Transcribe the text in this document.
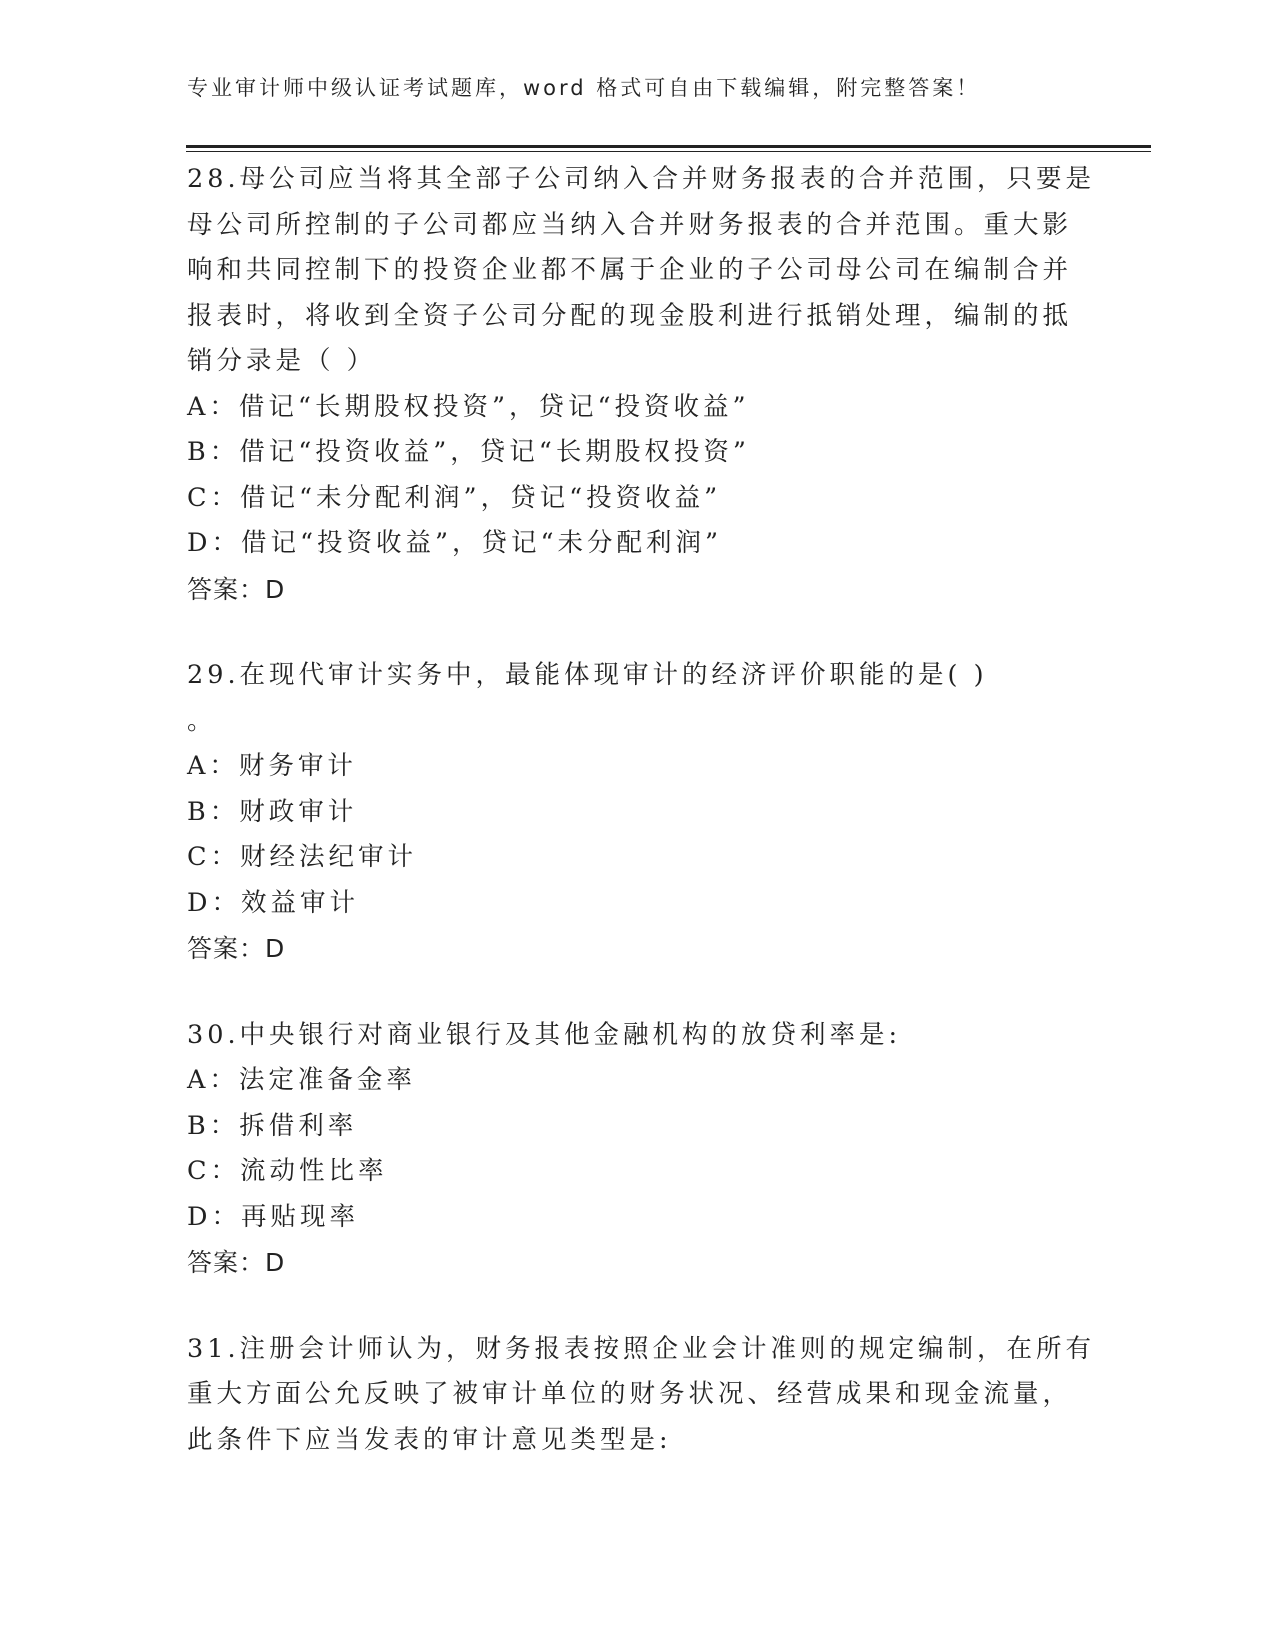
专业审计师中级认证考试题库，word 格式可自由下载编辑，附完整答案！
28.母公司应当将其全部子公司纳入合并财务报表的合并范围，只要是
母公司所控制的子公司都应当纳入合并财务报表的合并范围。重大影
响和共同控制下的投资企业都不属于企业的子公司母公司在编制合并
报表时，将收到全资子公司分配的现金股利进行抵销处理，编制的抵
销分录是（ ）
A：借记“长期股权投资”，贷记“投资收益”
B：借记“投资收益”，贷记“长期股权投资”
C：借记“未分配利润”，贷记“投资收益”
D：借记“投资收益”，贷记“未分配利润”
答案：D
29.在现代审计实务中，最能体现审计的经济评价职能的是( )
。
A：财务审计
B：财政审计
C：财经法纪审计
D：效益审计
答案：D
30.中央银行对商业银行及其他金融机构的放贷利率是:
A：法定准备金率
B：拆借利率
C：流动性比率
D：再贴现率
答案：D
31.注册会计师认为，财务报表按照企业会计准则的规定编制，在所有
重大方面公允反映了被审计单位的财务状况、经营成果和现金流量，
此条件下应当发表的审计意见类型是:
